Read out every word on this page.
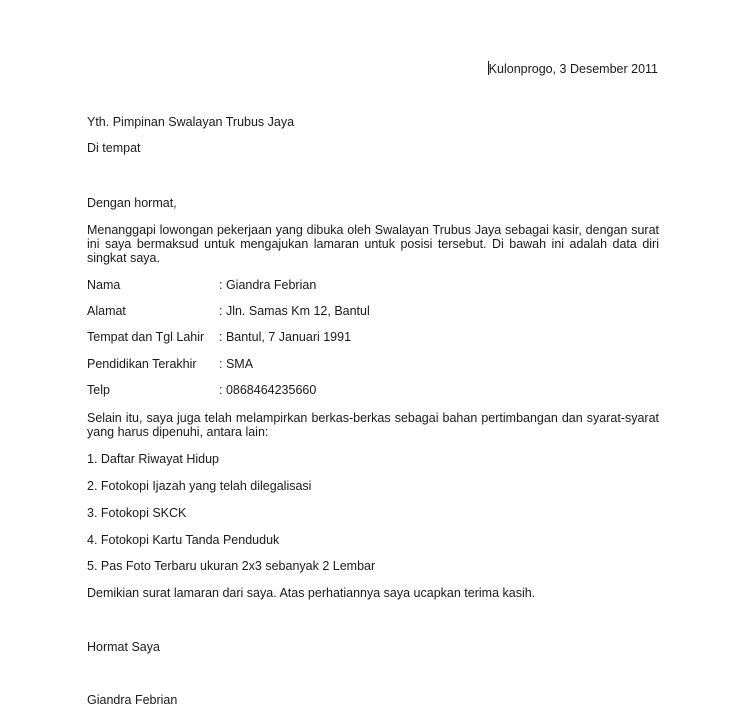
Kulonprogo, 3 Desember 2011
Yth. Pimpinan Swalayan Trubus Jaya
Di tempat
Dengan hormat,
Menanggapi lowongan pekerjaan yang dibuka oleh Swalayan Trubus Jaya sebagai kasir, dengan surat ini saya bermaksud untuk mengajukan lamaran untuk posisi tersebut. Di bawah ini adalah data diri singkat saya.
Nama	: Giandra Febrian
Alamat	: Jln. Samas Km 12, Bantul
Tempat dan Tgl Lahir : Bantul, 7 Januari 1991
Pendidikan Terakhir : SMA
Telp	: 0868464235660
Selain itu, saya juga telah melampirkan berkas-berkas sebagai bahan pertimbangan dan syarat-syarat yang harus dipenuhi, antara lain:
1. Daftar Riwayat Hidup
2. Fotokopi Ijazah yang telah dilegalisasi
3. Fotokopi SKCK
4. Fotokopi Kartu Tanda Penduduk
5. Pas Foto Terbaru ukuran 2x3 sebanyak 2 Lembar
Demikian surat lamaran dari saya. Atas perhatiannya saya ucapkan terima kasih.
Hormat Saya
Giandra Febrian
